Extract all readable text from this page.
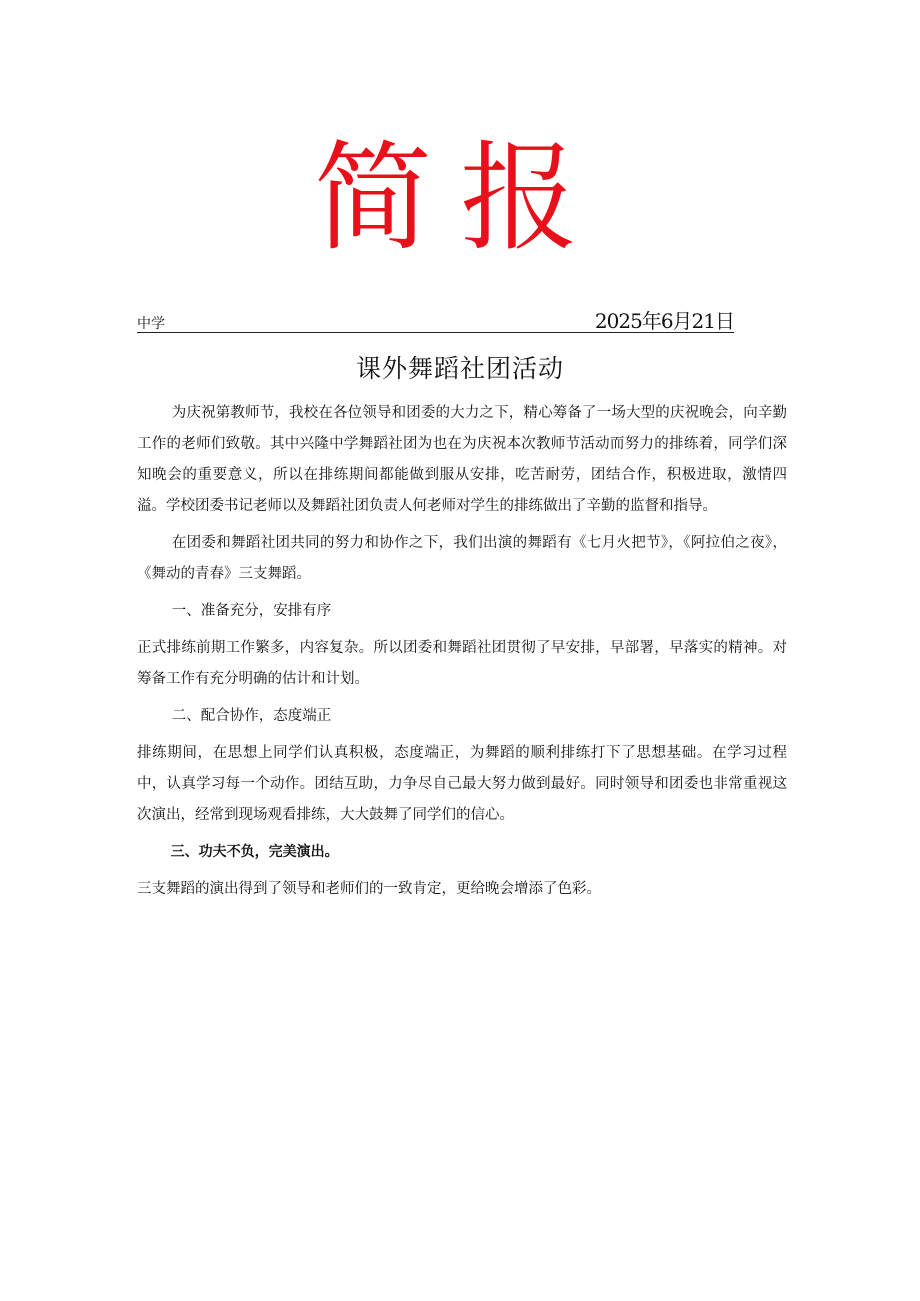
简报
中学	2025年6月21日
课外舞蹈社团活动

为庆祝第教师节，我校在各位领导和团委的大力之下，精心筹备了一场大型的庆祝晚会，向辛勤工作的老师们致敬。其中兴隆中学舞蹈社团为也在为庆祝本次教师节活动而努力的排练着，同学们深知晚会的重要意义，所以在排练期间都能做到服从安排，吃苦耐劳，团结合作，积极进取，激情四溢。学校团委书记老师以及舞蹈社团负责人何老师对学生的排练做出了辛勤的监督和指导。

在团委和舞蹈社团共同的努力和协作之下，我们出演的舞蹈有《七月火把节》，《阿拉伯之夜》，《舞动的青春》三支舞蹈。

一、准备充分，安排有序

正式排练前期工作繁多，内容复杂。所以团委和舞蹈社团贯彻了早安排，早部署，早落实的精神。对筹备工作有充分明确的估计和计划。

二、配合协作，态度端正

排练期间，在思想上同学们认真积极，态度端正，为舞蹈的顺利排练打下了思想基础。在学习过程中，认真学习每一个动作。团结互助，力争尽自己最大努力做到最好。同时领导和团委也非常重视这次演出，经常到现场观看排练，大大鼓舞了同学们的信心。

三、功夫不负，完美演出。

三支舞蹈的演出得到了领导和老师们的一致肯定，更给晚会增添了色彩。
